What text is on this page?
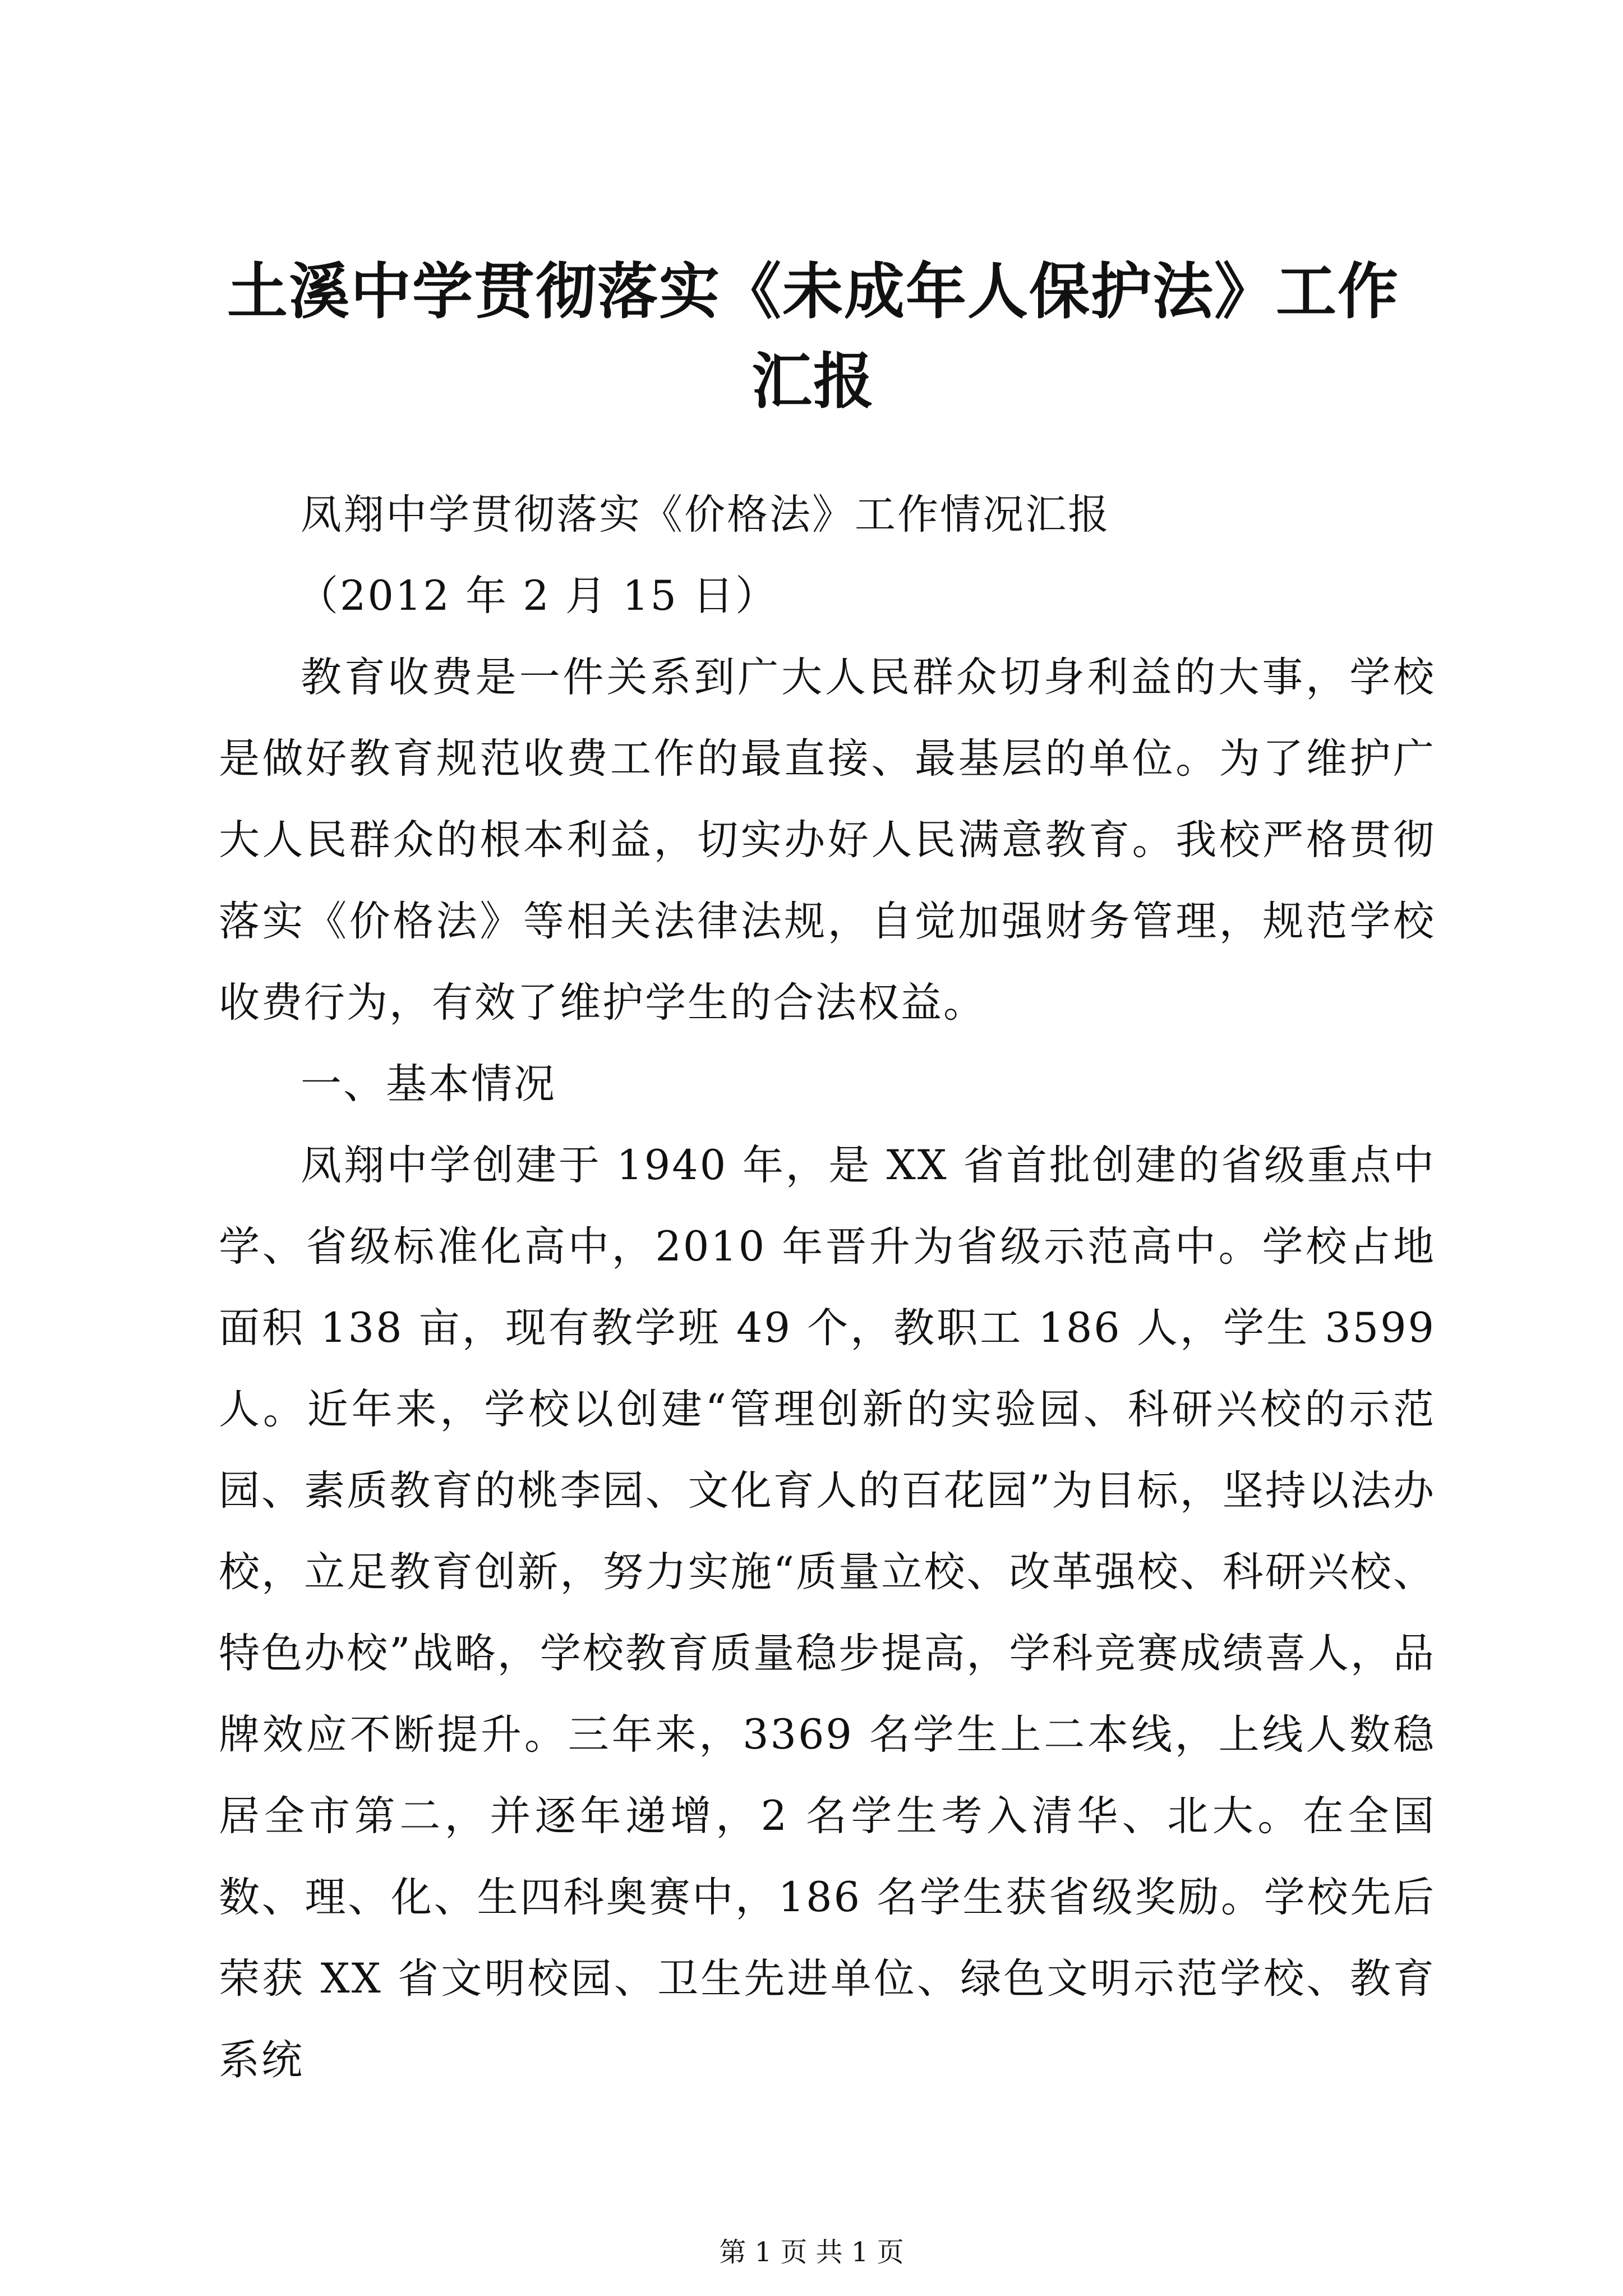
土溪中学贯彻落实《未成年人保护法》工作汇报

凤翔中学贯彻落实《价格法》工作情况汇报

（2012 年 2 月 15 日）

教育收费是一件关系到广大人民群众切身利益的大事，学校是做好教育规范收费工作的最直接、最基层的单位。为了维护广大人民群众的根本利益，切实办好人民满意教育。我校严格贯彻落实《价格法》等相关法律法规，自觉加强财务管理，规范学校收费行为，有效了维护学生的合法权益。

一、基本情况

凤翔中学创建于 1940 年，是 XX 省首批创建的省级重点中学、省级标准化高中，2010 年晋升为省级示范高中。学校占地面积 138 亩，现有教学班 49 个，教职工 186 人，学生 3599 人。近年来，学校以创建“管理创新的实验园、科研兴校的示范园、素质教育的桃李园、文化育人的百花园”为目标，坚持以法办校，立足教育创新，努力实施“质量立校、改革强校、科研兴校、特色办校”战略，学校教育质量稳步提高，学科竞赛成绩喜人，品牌效应不断提升。三年来，3369 名学生上二本线，上线人数稳居全市第二，并逐年递增，2 名学生考入清华、北大。在全国数、理、化、生四科奥赛中，186 名学生获省级奖励。学校先后荣获 XX 省文明校园、卫生先进单位、绿色文明示范学校、教育系统

第 1 页 共 1 页
